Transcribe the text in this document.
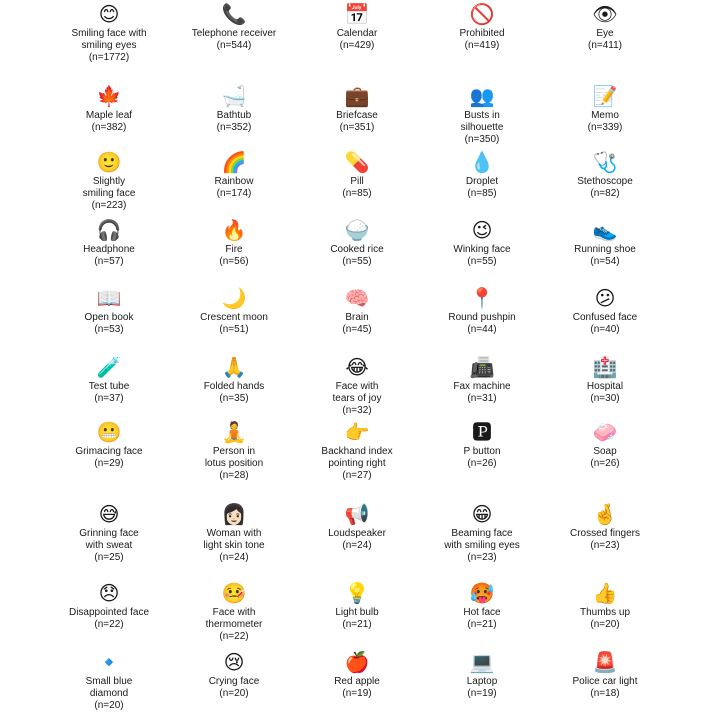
😊
Smiling face with
smiling eyes
(n=1772)
📞
Telephone receiver
(n=544)
📅
Calendar
(n=429)
🚫
Prohibited
(n=419)
👁
Eye
(n=411)
🍁
Maple leaf
(n=382)
🛁
Bathtub
(n=352)
💼
Briefcase
(n=351)
👥
Busts in
silhouette
(n=350)
📝
Memo
(n=339)
🙂
Slightly
smiling face
(n=223)
🌈
Rainbow
(n=174)
💊
Pill
(n=85)
💧
Droplet
(n=85)
🩺
Stethoscope
(n=82)
🎧
Headphone
(n=57)
🔥
Fire
(n=56)
🍚
Cooked rice
(n=55)
😉
Winking face
(n=55)
👟
Running shoe
(n=54)
📖
Open book
(n=53)
🌙
Crescent moon
(n=51)
🧠
Brain
(n=45)
📍
Round pushpin
(n=44)
😕
Confused face
(n=40)
🧪
Test tube
(n=37)
🙏
Folded hands
(n=35)
😂
Face with
tears of joy
(n=32)
📠
Fax machine
(n=31)
🏥
Hospital
(n=30)
😬
Grimacing face
(n=29)
🧘
Person in
lotus position
(n=28)
👉
Backhand index
pointing right
(n=27)
🅿
P button
(n=26)
🧼
Soap
(n=26)
😅
Grinning face
with sweat
(n=25)
👩🏻
Woman with
light skin tone
(n=24)
📢
Loudspeaker
(n=24)
😁
Beaming face
with smiling eyes
(n=23)
🤞
Crossed fingers
(n=23)
😞
Disappointed face
(n=22)
🤒
Face with
thermometer
(n=22)
💡
Light bulb
(n=21)
🥵
Hot face
(n=21)
👍
Thumbs up
(n=20)
🔹
Small blue
diamond
(n=20)
😢
Crying face
(n=20)
🍎
Red apple
(n=19)
💻
Laptop
(n=19)
🚨
Police car light
(n=18)
